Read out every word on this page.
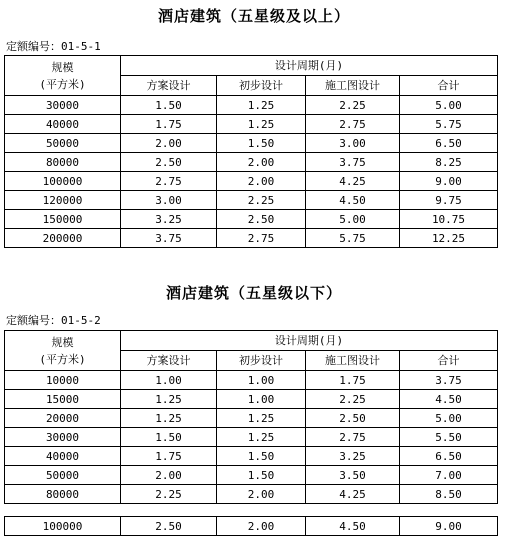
酒店建筑（五星级及以上）
定额编号：01-5-1
规模
(平方米)	设计周期(月)			
	方案设计	初步设计	施工图设计	合计
30000	1.50	1.25	2.25	5.00
40000	1.75	1.25	2.75	5.75
50000	2.00	1.50	3.00	6.50
80000	2.50	2.00	3.75	8.25
100000	2.75	2.00	4.25	9.00
120000	3.00	2.25	4.50	9.75
150000	3.25	2.50	5.00	10.75
200000	3.75	2.75	5.75	12.25
酒店建筑（五星级以下）
定额编号：01-5-2
规模
(平方米)	设计周期(月)			
	方案设计	初步设计	施工图设计	合计
10000	1.00	1.00	1.75	3.75
15000	1.25	1.00	2.25	4.50
20000	1.25	1.25	2.50	5.00
30000	1.50	1.25	2.75	5.50
40000	1.75	1.50	3.25	6.50
50000	2.00	1.50	3.50	7.00
80000	2.25	2.00	4.25	8.50
100000	2.50	2.00	4.50	9.00
